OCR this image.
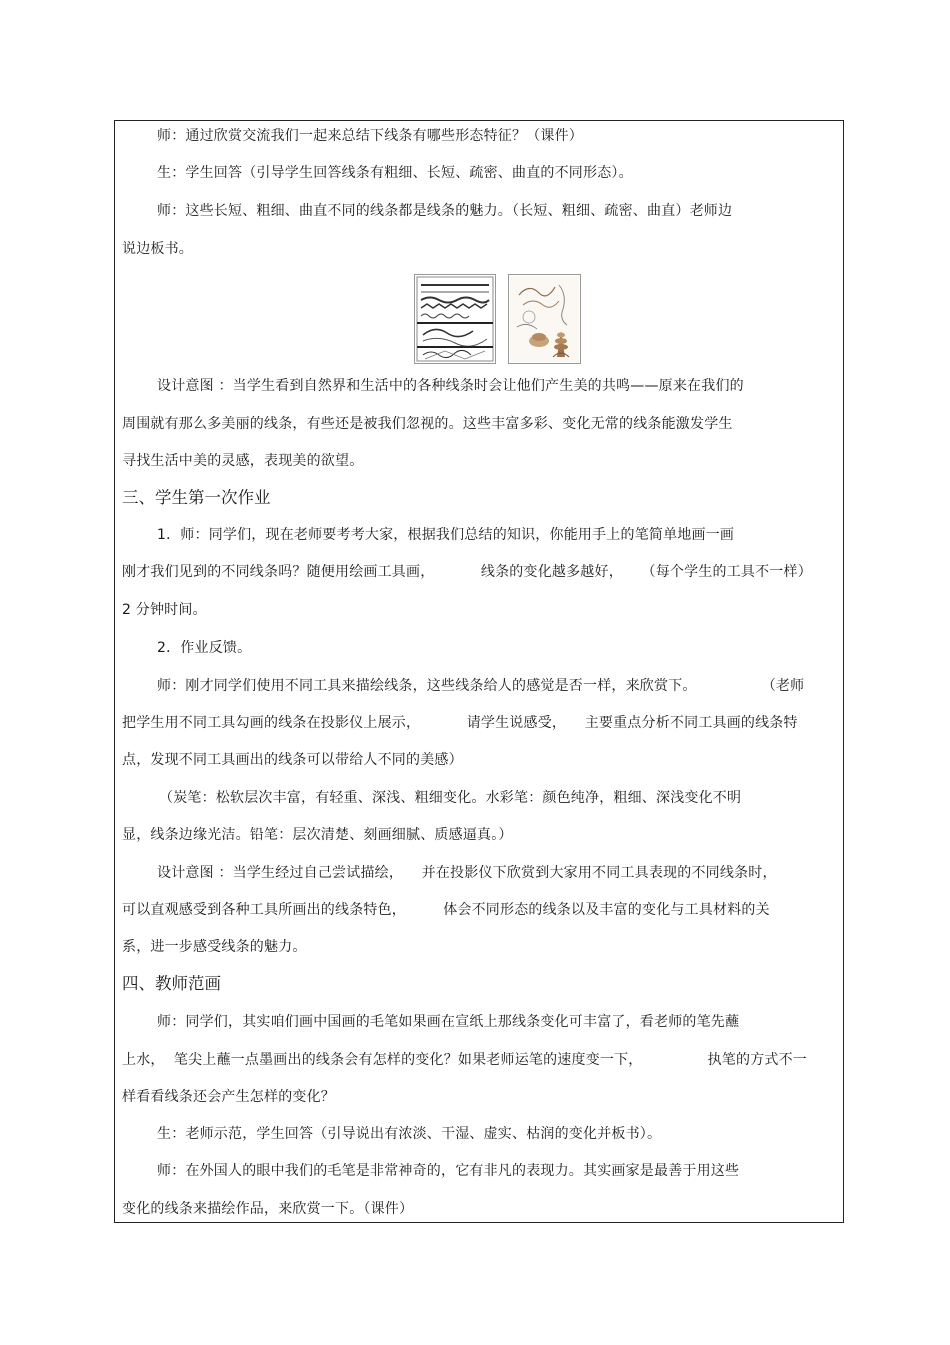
师：通过欣赏交流我们一起来总结下线条有哪些形态特征？（课件）
生：学生回答（引导学生回答线条有粗细、长短、疏密、曲直的不同形态）。
师：这些长短、粗细、曲直不同的线条都是线条的魅力。（长短、粗细、疏密、曲直）老师边
说边板书。
设计意图 ：当学生看到自然界和生活中的各种线条时会让他们产生美的共鸣——原来在我们的
周围就有那么多美丽的线条，有些还是被我们忽视的。这些丰富多彩、变化无常的线条能激发学生
寻找生活中美的灵感，表现美的欲望。
三、学生第一次作业
1．师：同学们，现在老师要考考大家，根据我们总结的知识，你能用手上的笔简单地画一画
刚才我们见到的不同线条吗？随便用绘画工具画，          线条的变化越多越好，    （每个学生的工具不一样）
2 分钟时间。
2．作业反馈。
师：刚才同学们使用不同工具来描绘线条，这些线条给人的感觉是否一样，来欣赏下。              （老师
把学生用不同工具勾画的线条在投影仪上展示，          请学生说感受，    主要重点分析不同工具画的线条特
点，发现不同工具画出的线条可以带给人不同的美感）
（炭笔：松软层次丰富，有轻重、深浅、粗细变化。水彩笔：颜色纯净，粗细、深浅变化不明
显，线条边缘光洁。铅笔：层次清楚、刻画细腻、质感逼真。）
设计意图 ：当学生经过自己尝试描绘，    并在投影仪下欣赏到大家用不同工具表现的不同线条时，
可以直观感受到各种工具所画出的线条特色，        体会不同形态的线条以及丰富的变化与工具材料的关
系，进一步感受线条的魅力。
四、教师范画
师：同学们，其实咱们画中国画的毛笔如果画在宣纸上那线条变化可丰富了，看老师的笔先蘸
上水，  笔尖上蘸一点墨画出的线条会有怎样的变化？如果老师运笔的速度变一下，              执笔的方式不一
样看看线条还会产生怎样的变化？
生：老师示范，学生回答（引导说出有浓淡、干湿、虚实、枯润的变化并板书）。
师：在外国人的眼中我们的毛笔是非常神奇的，它有非凡的表现力。其实画家是最善于用这些
变化的线条来描绘作品，来欣赏一下。（课件）
